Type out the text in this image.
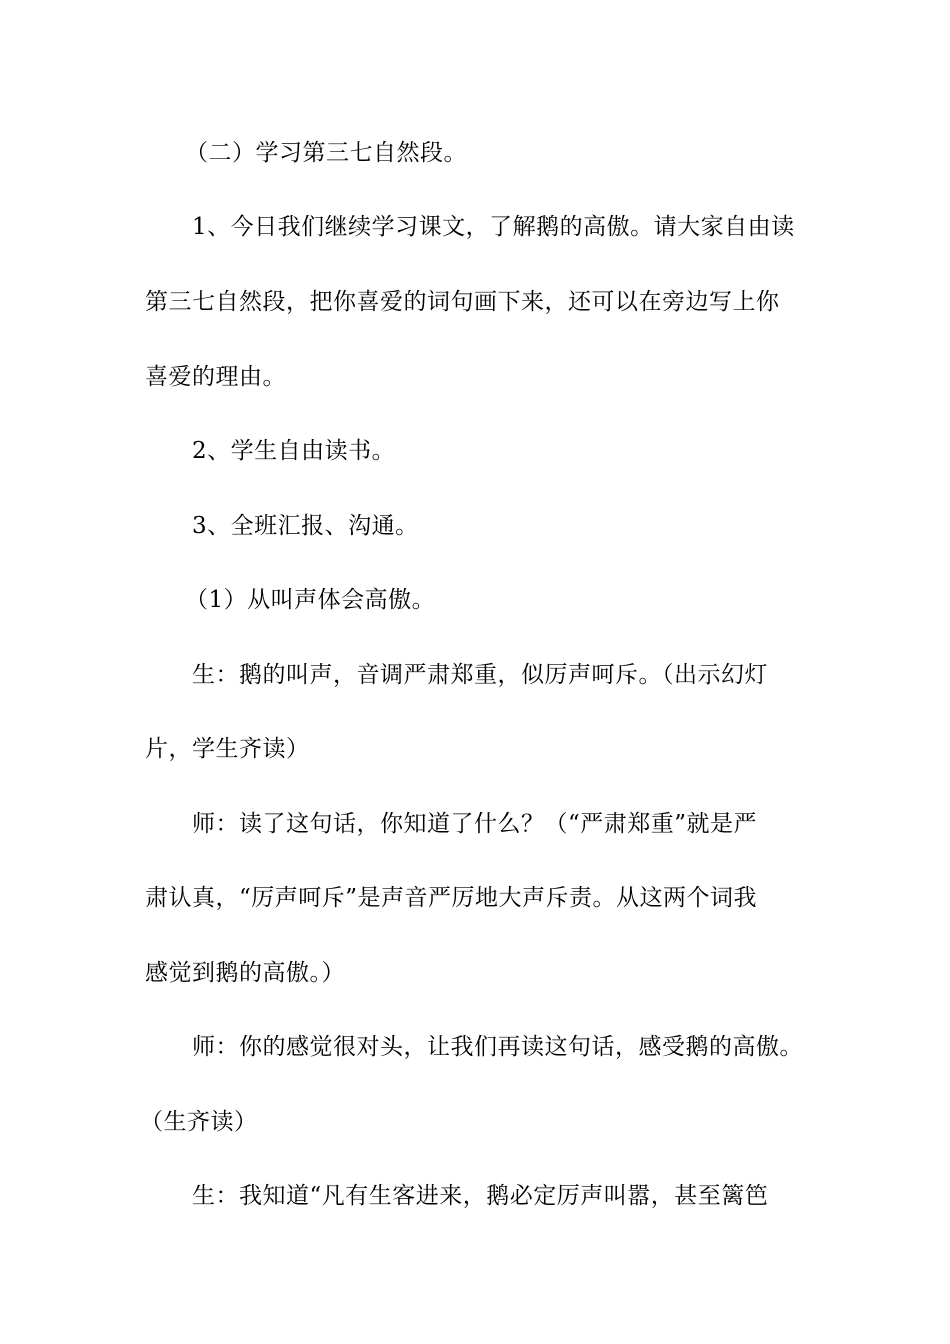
（二）学习第三七自然段。
1、今日我们继续学习课文，了解鹅的高傲。请大家自由读
第三七自然段，把你喜爱的词句画下来，还可以在旁边写上你
喜爱的理由。
2、学生自由读书。
3、全班汇报、沟通。
（1）从叫声体会高傲。
生：鹅的叫声，音调严肃郑重，似厉声呵斥。（出示幻灯
片，学生齐读）
师：读了这句话，你知道了什么？（“严肃郑重”就是严
肃认真，“厉声呵斥”是声音严厉地大声斥责。从这两个词我
感觉到鹅的高傲。）
师：你的感觉很对头，让我们再读这句话，感受鹅的高傲。
（生齐读）
生：我知道“凡有生客进来，鹅必定厉声叫嚣，甚至篱笆
